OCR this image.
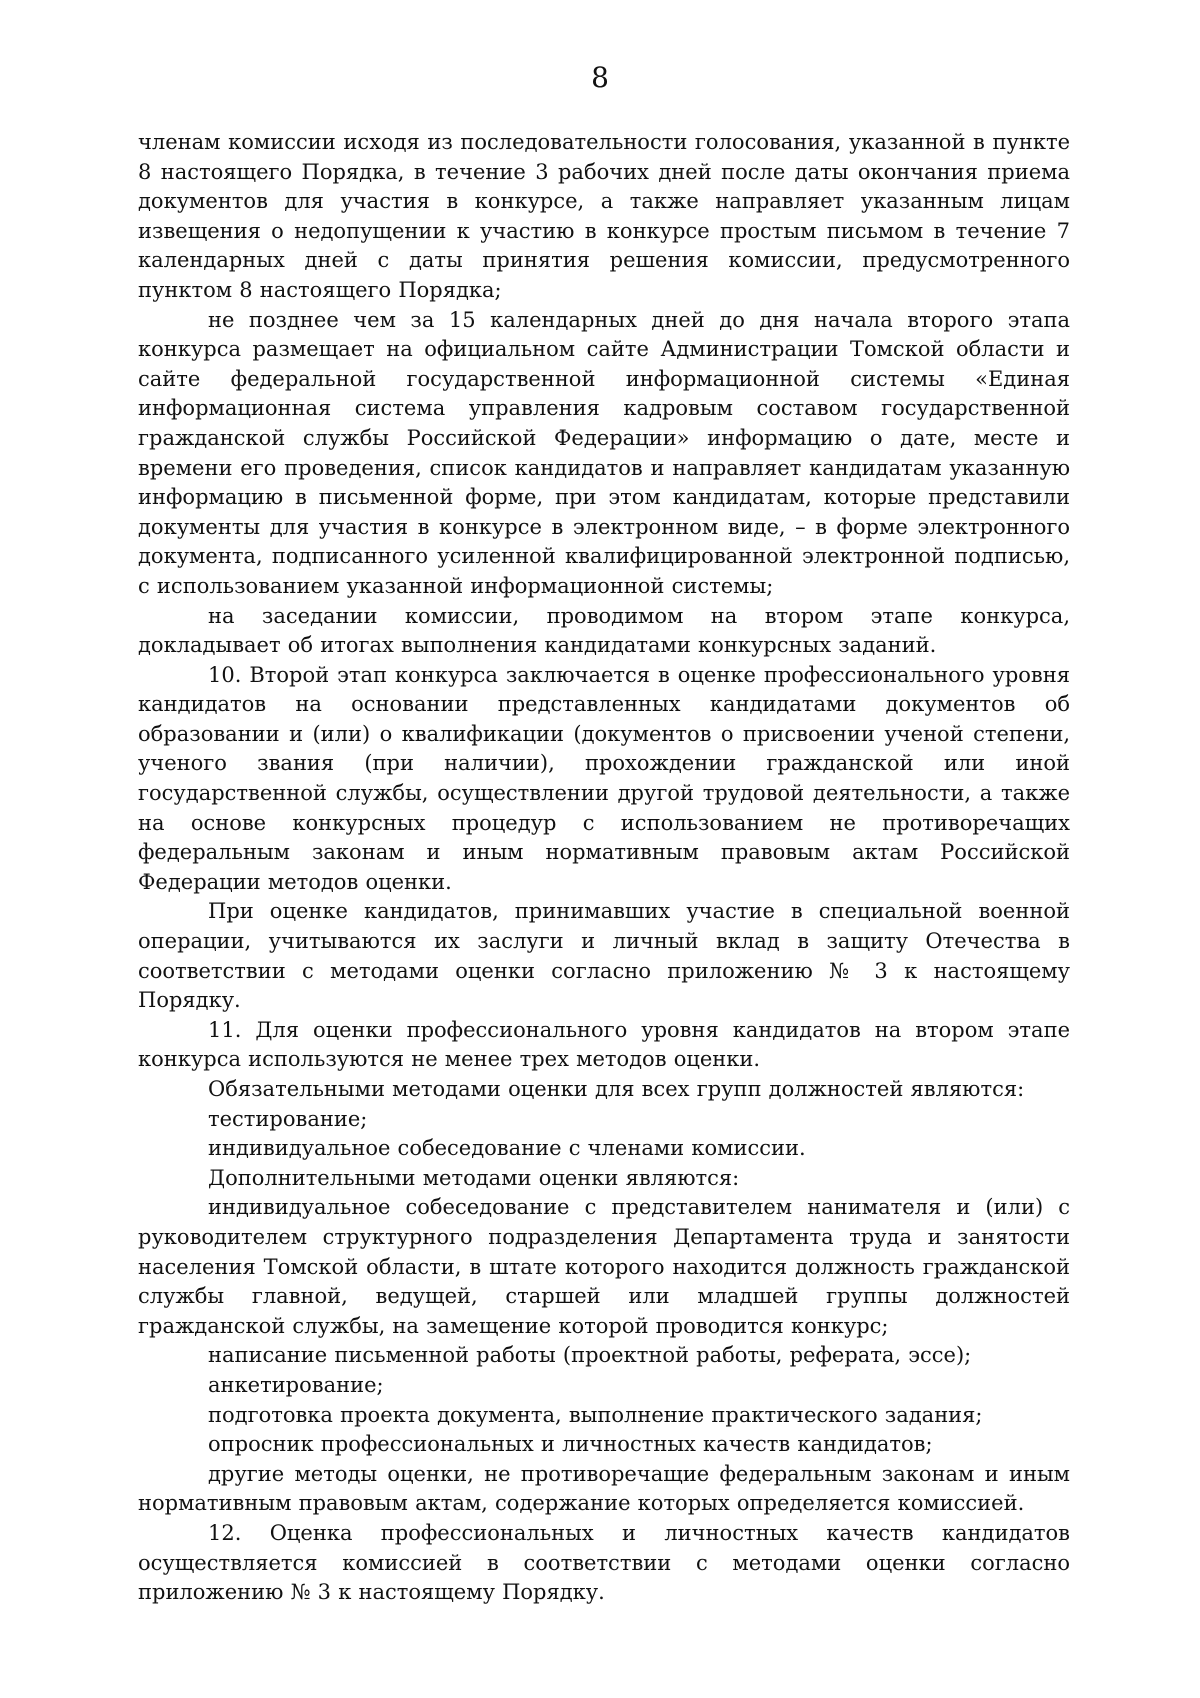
8

членам комиссии исходя из последовательности голосования, указанной в пункте 8 настоящего Порядка, в течение 3 рабочих дней после даты окончания приема документов для участия в конкурсе, а также направляет указанным лицам извещения о недопущении к участию в конкурсе простым письмом в течение 7 календарных дней с даты принятия решения комиссии, предусмотренного пунктом 8 настоящего Порядка;

не позднее чем за 15 календарных дней до дня начала второго этапа конкурса размещает на официальном сайте Администрации Томской области и сайте федеральной государственной информационной системы «Единая информационная система управления кадровым составом государственной гражданской службы Российской Федерации» информацию о дате, месте и времени его проведения, список кандидатов и направляет кандидатам указанную информацию в письменной форме, при этом кандидатам, которые представили документы для участия в конкурсе в электронном виде, – в форме электронного документа, подписанного усиленной квалифицированной электронной подписью, с использованием указанной информационной системы;

на заседании комиссии, проводимом на втором этапе конкурса, докладывает об итогах выполнения кандидатами конкурсных заданий.

10. Второй этап конкурса заключается в оценке профессионального уровня кандидатов на основании представленных кандидатами документов об образовании и (или) о квалификации (документов о присвоении ученой степени, ученого звания (при наличии), прохождении гражданской или иной государственной службы, осуществлении другой трудовой деятельности, а также на основе конкурсных процедур с использованием не противоречащих федеральным законам и иным нормативным правовым актам Российской Федерации методов оценки.

При оценке кандидатов, принимавших участие в специальной военной операции, учитываются их заслуги и личный вклад в защиту Отечества в соответствии с методами оценки согласно приложению № 3 к настоящему Порядку.

11. Для оценки профессионального уровня кандидатов на втором этапе конкурса используются не менее трех методов оценки.

Обязательными методами оценки для всех групп должностей являются:

тестирование;

индивидуальное собеседование с членами комиссии.

Дополнительными методами оценки являются:

индивидуальное собеседование с представителем нанимателя и (или) с руководителем структурного подразделения Департамента труда и занятости населения Томской области, в штате которого находится должность гражданской службы главной, ведущей, старшей или младшей группы должностей гражданской службы, на замещение которой проводится конкурс;

написание письменной работы (проектной работы, реферата, эссе);

анкетирование;

подготовка проекта документа, выполнение практического задания;

опросник профессиональных и личностных качеств кандидатов;

другие методы оценки, не противоречащие федеральным законам и иным нормативным правовым актам, содержание которых определяется комиссией.

12. Оценка профессиональных и личностных качеств кандидатов осуществляется комиссией в соответствии с методами оценки согласно приложению № 3 к настоящему Порядку.
